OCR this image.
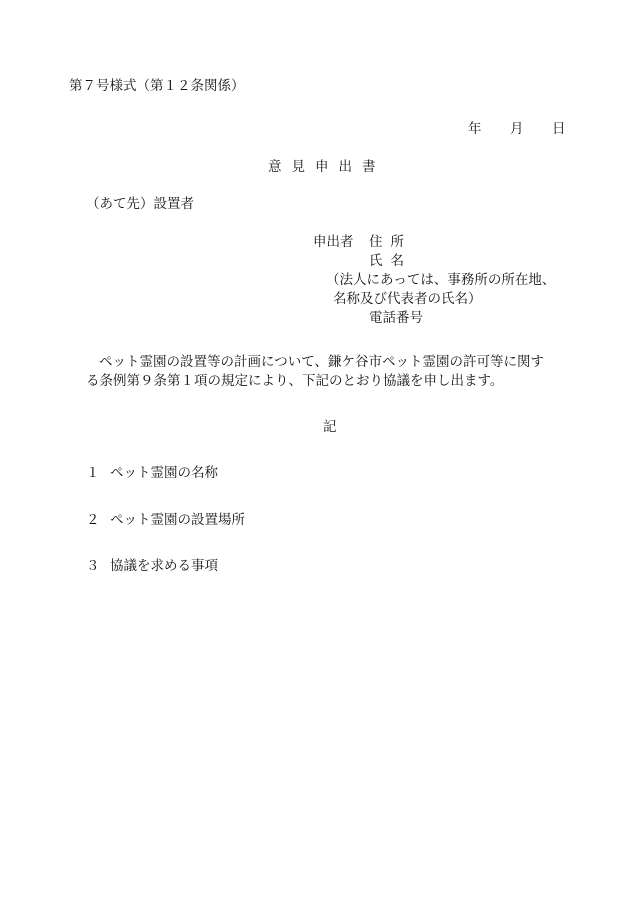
第７号様式（第１２条関係）
年 月 日
意見申出書
（あて先）設置者
申出者 住所
氏名
（法人にあっては、事務所の所在地、
名称及び代表者の氏名）
電話番号
ペット霊園の設置等の計画について、鎌ケ谷市ペット霊園の許可等に関す
る条例第９条第１項の規定により、下記のとおり協議を申し出ます。
記
１ ペット霊園の名称
２ ペット霊園の設置場所
３ 協議を求める事項
